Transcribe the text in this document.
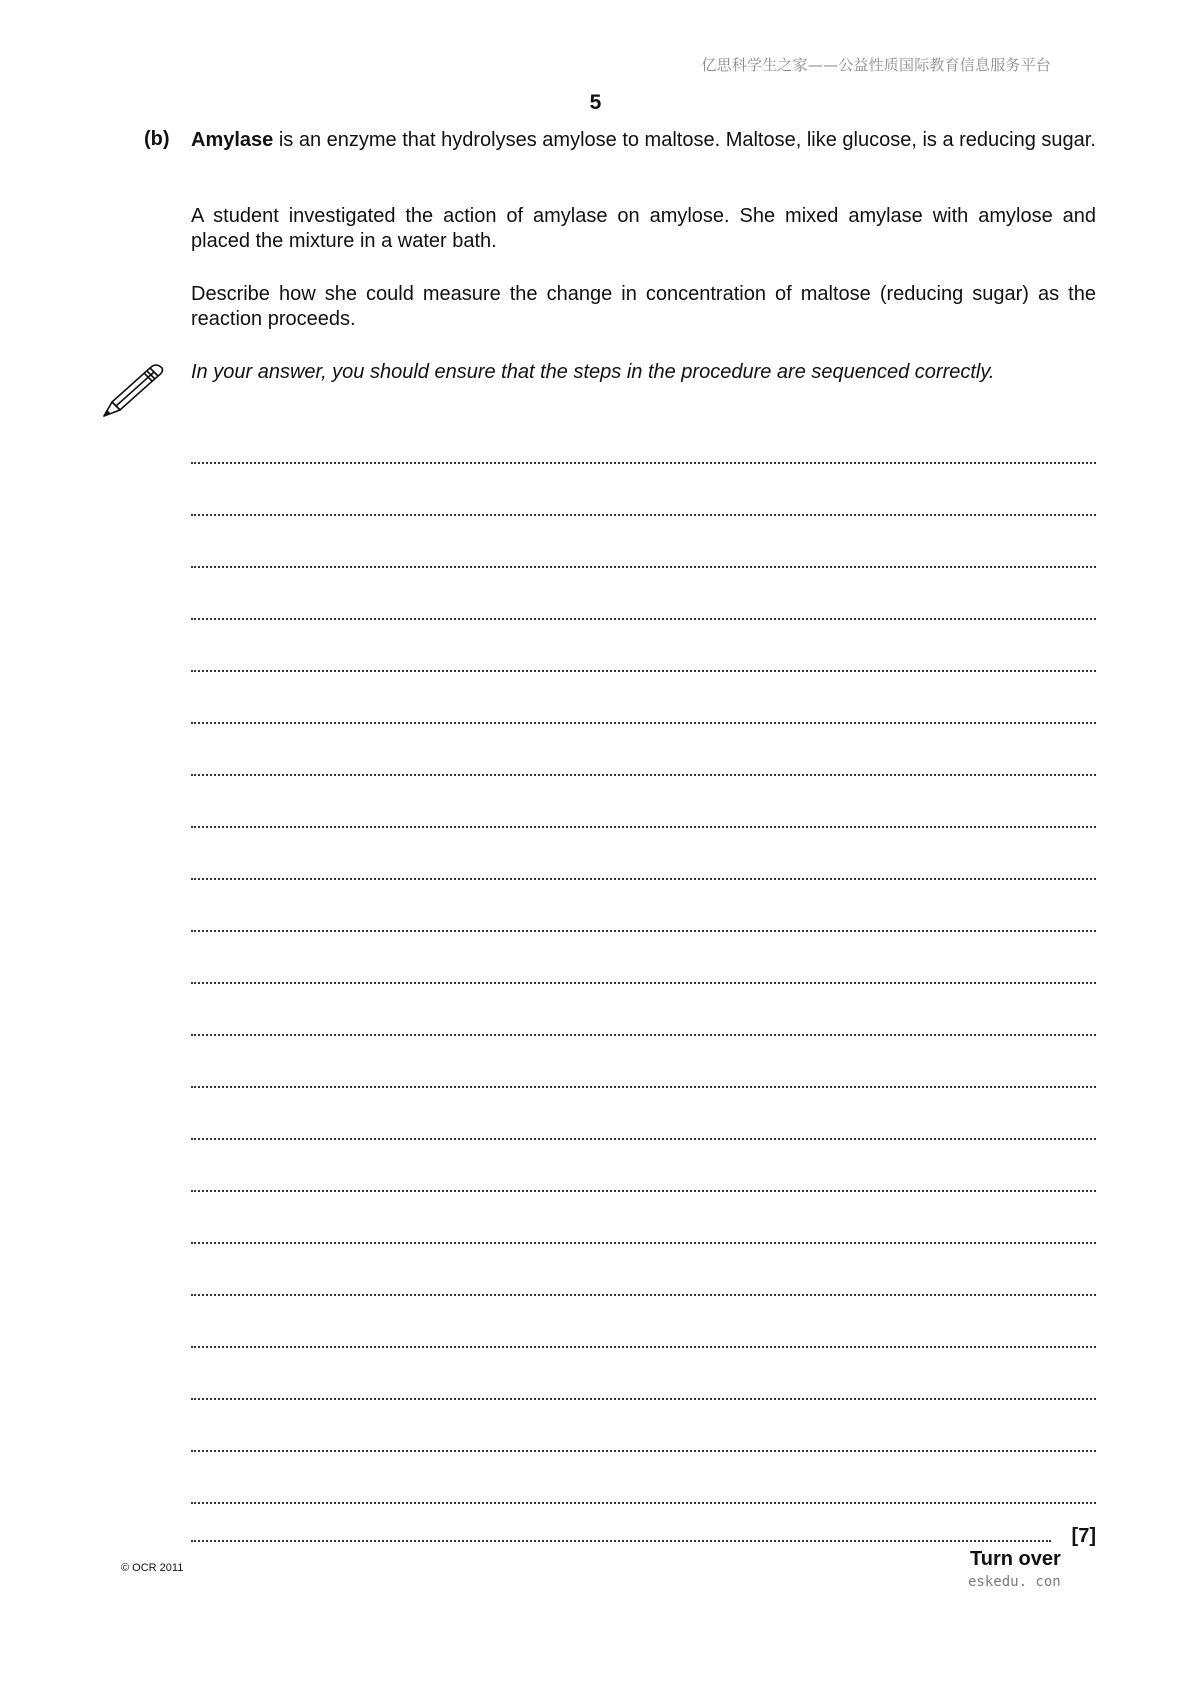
亿思科学生之家——公益性质国际教育信息服务平台
5
(b) Amylase is an enzyme that hydrolyses amylose to maltose. Maltose, like glucose, is a reducing sugar.

A student investigated the action of amylase on amylose. She mixed amylase with amylose and placed the mixture in a water bath.

Describe how she could measure the change in concentration of maltose (reducing sugar) as the reaction proceeds.

In your answer, you should ensure that the steps in the procedure are sequenced correctly.

[7]
© OCR 2011	Turn over
eskedu. con
